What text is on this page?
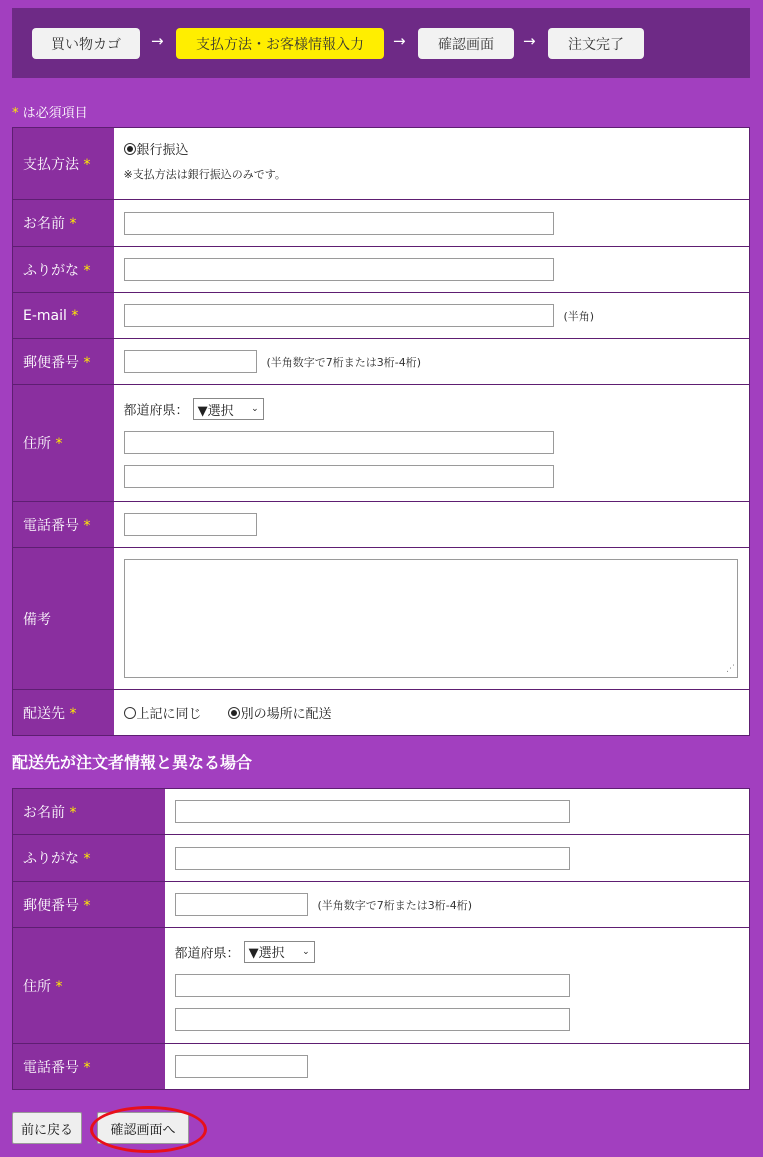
買い物カゴ	→	支払方法・お客様情報入力	→	確認画面	→	注文完了
* は必須項目
支払方法 *	銀行振込
※支払方法は銀行振込のみです。

お名前 *	
ふりがな *	
E-mail *	(半角)
郵便番号 *	(半角数字で7桁または3桁-4桁)
住所 *	都道府県： ▼選択 ⌄

電話番号 *	
備考	⋰

配送先 *	上記に同じ 別の場所に配送
配送先が注文者情報と異なる場合
お名前 *	
ふりがな *	
郵便番号 *	(半角数字で7桁または3桁-4桁)
住所 *	都道府県： ▼選択 ⌄

電話番号 *	
前に戻る	確認画面へ
